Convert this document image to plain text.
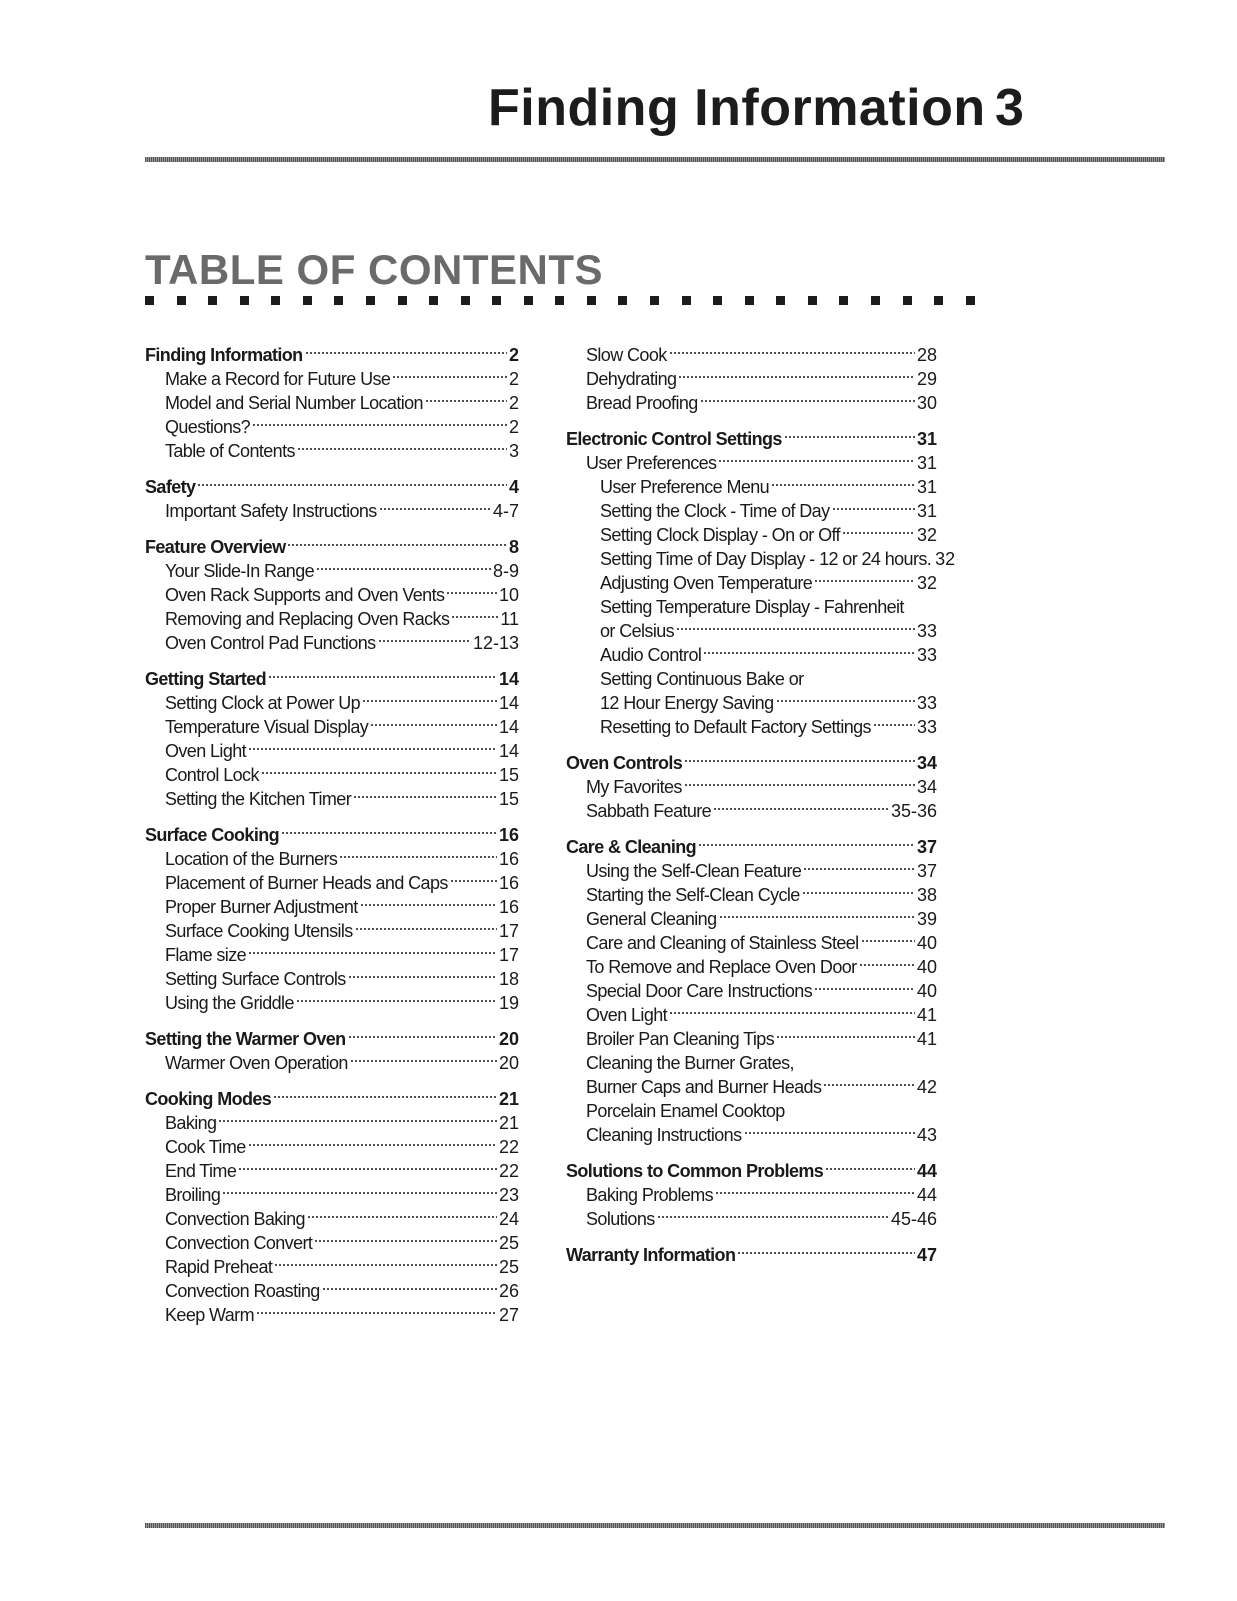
Finding Information 3
TABLE OF CONTENTS
Finding Information	2
Make a Record for Future Use	2
Model and Serial Number Location	2
Questions?	2
Table of Contents	3
Safety	4
Important Safety Instructions	4-7
Feature Overview	8
Your Slide-In Range	8-9
Oven Rack Supports and Oven Vents	10
Removing and Replacing Oven Racks	11
Oven Control Pad Functions	12-13
Getting Started	14
Setting Clock at Power Up	14
Temperature Visual Display	14
Oven Light	14
Control Lock	15
Setting the Kitchen Timer	15
Surface Cooking	16
Location of the Burners	16
Placement of Burner Heads and Caps	16
Proper Burner Adjustment	16
Surface Cooking Utensils	17
Flame size	17
Setting Surface Controls	18
Using the Griddle	19
Setting the Warmer Oven	20
Warmer Oven Operation	20
Cooking Modes	21
Baking	21
Cook Time	22
End Time	22
Broiling	23
Convection Baking	24
Convection Convert	25
Rapid Preheat	25
Convection Roasting	26
Keep Warm	27
Slow Cook	28
Dehydrating	29
Bread Proofing	30
Electronic Control Settings	31
User Preferences	31
User Preference Menu	31
Setting the Clock - Time of Day	31
Setting Clock Display - On or Off	32
Setting Time of Day Display - 12 or 24 hours. 32
Adjusting Oven Temperature	32
Setting Temperature Display - Fahrenheit
or Celsius	33
Audio Control	33
Setting Continuous Bake or
12 Hour Energy Saving	33
Resetting to Default Factory Settings	33
Oven Controls	34
My Favorites	34
Sabbath Feature	35-36
Care & Cleaning	37
Using the Self-Clean Feature	37
Starting the Self-Clean Cycle	38
General Cleaning	39
Care and Cleaning of Stainless Steel	40
To Remove and Replace Oven Door	40
Special Door Care Instructions	40
Oven Light	41
Broiler Pan Cleaning Tips	41
Cleaning the Burner Grates,
Burner Caps and Burner Heads	42
Porcelain Enamel Cooktop
Cleaning Instructions	43
Solutions to Common Problems	44
Baking Problems	44
Solutions	45-46
Warranty Information	47
